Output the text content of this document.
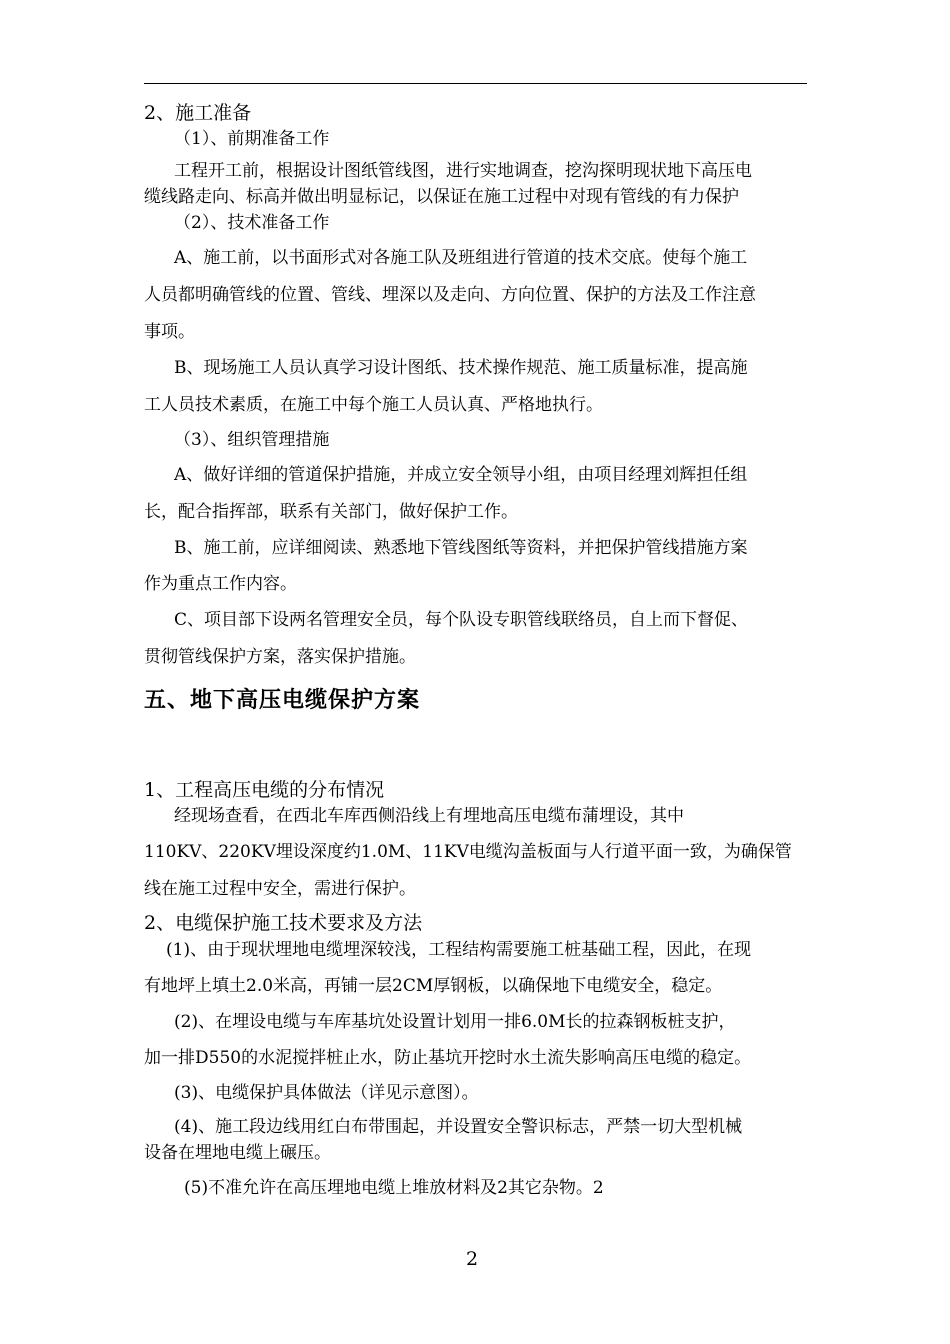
2、施工准备
（1）、前期准备工作
工程开工前，根据设计图纸管线图，进行实地调查，挖沟探明现状地下高压电
缆线路走向、标高并做出明显标记，以保证在施工过程中对现有管线的有力保护
（2）、技术准备工作
A、施工前，以书面形式对各施工队及班组进行管道的技术交底。使每个施工
人员都明确管线的位置、管线、埋深以及走向、方向位置、保护的方法及工作注意
事项。
B、现场施工人员认真学习设计图纸、技术操作规范、施工质量标准，提高施
工人员技术素质，在施工中每个施工人员认真、严格地执行。
（3）、组织管理措施
A、做好详细的管道保护措施，并成立安全领导小组，由项目经理刘辉担任组
长，配合指挥部，联系有关部门，做好保护工作。
B、施工前，应详细阅读、熟悉地下管线图纸等资料，并把保护管线措施方案
作为重点工作内容。
C、项目部下设两名管理安全员，每个队设专职管线联络员，自上而下督促、
贯彻管线保护方案，落实保护措施。
五、地下高压电缆保护方案
1、工程高压电缆的分布情况
经现场查看，在西北车库西侧沿线上有埋地高压电缆布蒲埋设，其中
110KV、220KV埋设深度约1.0M、11KV电缆沟盖板面与人行道平面一致，为确保管
线在施工过程中安全，需进行保护。
2、电缆保护施工技术要求及方法
(1)、由于现状埋地电缆埋深较浅，工程结构需要施工桩基础工程，因此，在现
有地坪上填土2.0米高，再铺一层2CM厚钢板，以确保地下电缆安全，稳定。
(2)、在埋设电缆与车库基坑处设置计划用一排6.0M长的拉森钢板桩支护，
加一排D550的水泥搅拌桩止水，防止基坑开挖时水土流失影响高压电缆的稳定。
(3)、电缆保护具体做法（详见示意图）。
(4)、施工段边线用红白布带围起，并设置安全警识标志，严禁一切大型机械
设备在埋地电缆上碾压。
(5)不准允许在高压埋地电缆上堆放材料及2其它杂物。2
2
